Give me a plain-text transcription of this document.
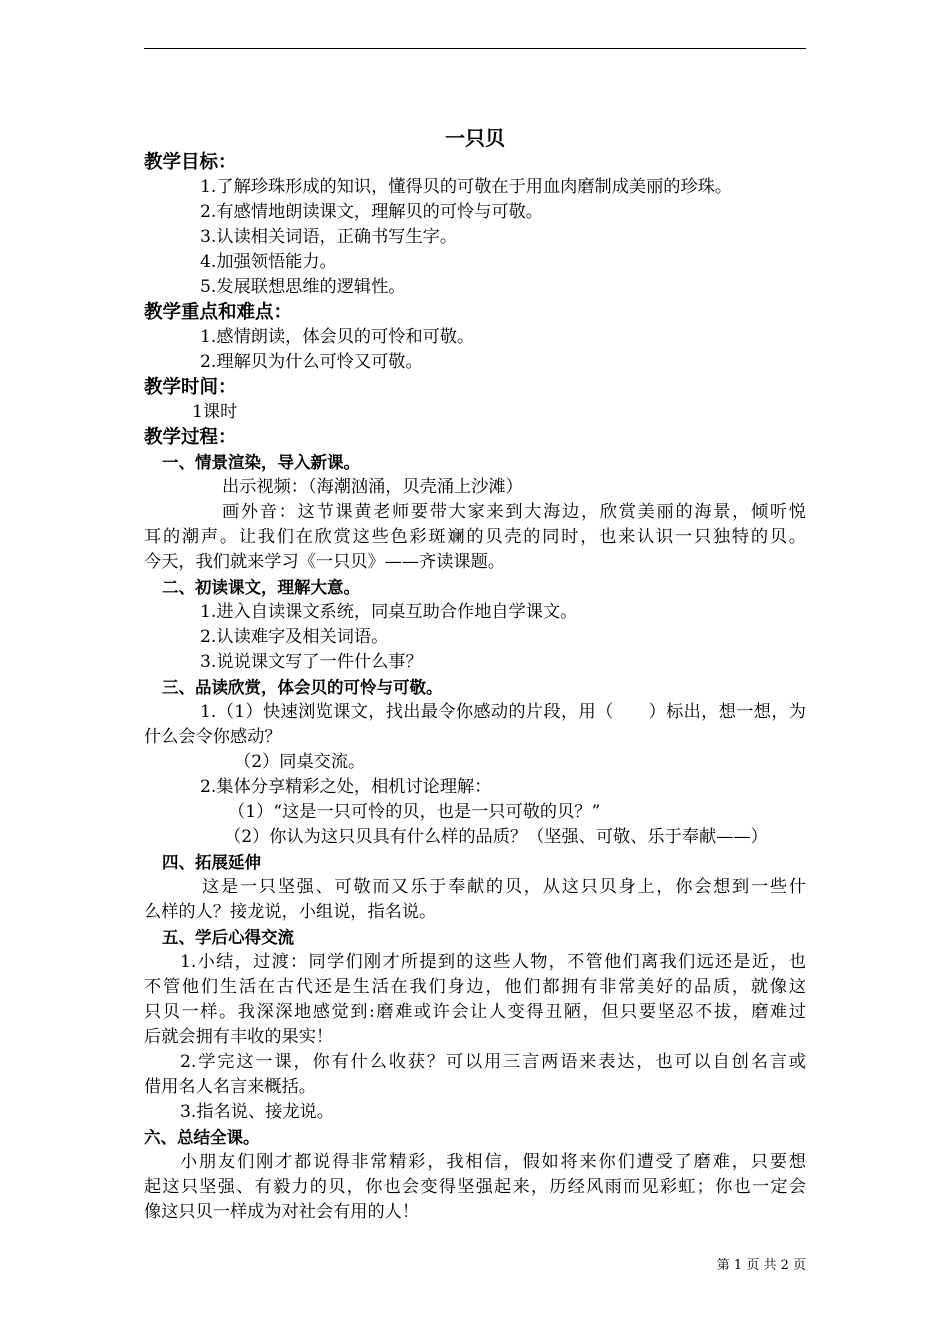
一只贝

教学目标：

1.了解珍珠形成的知识，懂得贝的可敬在于用血肉磨制成美丽的珍珠。

2.有感情地朗读课文，理解贝的可怜与可敬。

3.认读相关词语，正确书写生字。

4.加强领悟能力。

5.发展联想思维的逻辑性。

教学重点和难点：

1.感情朗读，体会贝的可怜和可敬。

2.理解贝为什么可怜又可敬。

教学时间：

1课时

教学过程：

一、情景渲染，导入新课。

出示视频：（海潮汹涌，贝壳涌上沙滩）

画外音：这节课黄老师要带大家来到大海边，欣赏美丽的海景，倾听悦

耳的潮声。让我们在欣赏这些色彩斑斓的贝壳的同时，也来认识一只独特的贝。

今天，我们就来学习《一只贝》——齐读课题。

二、初读课文，理解大意。

1.进入自读课文系统，同桌互助合作地自学课文。

2.认读难字及相关词语。

3.说说课文写了一件什么事？

三、品读欣赏，体会贝的可怜与可敬。

1.（1）快速浏览课文，找出最令你感动的片段，用（　　）标出，想一想，为

什么会令你感动？

（2）同桌交流。

2.集体分享精彩之处，相机讨论理解：

（1）“这是一只可怜的贝，也是一只可敬的贝？”

（2）你认为这只贝具有什么样的品质？（坚强、可敬、乐于奉献——）

四、拓展延伸

这是一只坚强、可敬而又乐于奉献的贝，从这只贝身上，你会想到一些什

么样的人？接龙说，小组说，指名说。

五、学后心得交流

1.小结，过渡：同学们刚才所提到的这些人物，不管他们离我们远还是近，也

不管他们生活在古代还是生活在我们身边，他们都拥有非常美好的品质，就像这

只贝一样。我深深地感觉到:磨难或许会让人变得丑陋，但只要坚忍不拔，磨难过

后就会拥有丰收的果实！

2.学完这一课，你有什么收获？可以用三言两语来表达，也可以自创名言或

借用名人名言来概括。

3.指名说、接龙说。

六、总结全课。

小朋友们刚才都说得非常精彩，我相信，假如将来你们遭受了磨难，只要想

起这只坚强、有毅力的贝，你也会变得坚强起来，历经风雨而见彩虹；你也一定会

像这只贝一样成为对社会有用的人！

第 1 页 共 2 页
